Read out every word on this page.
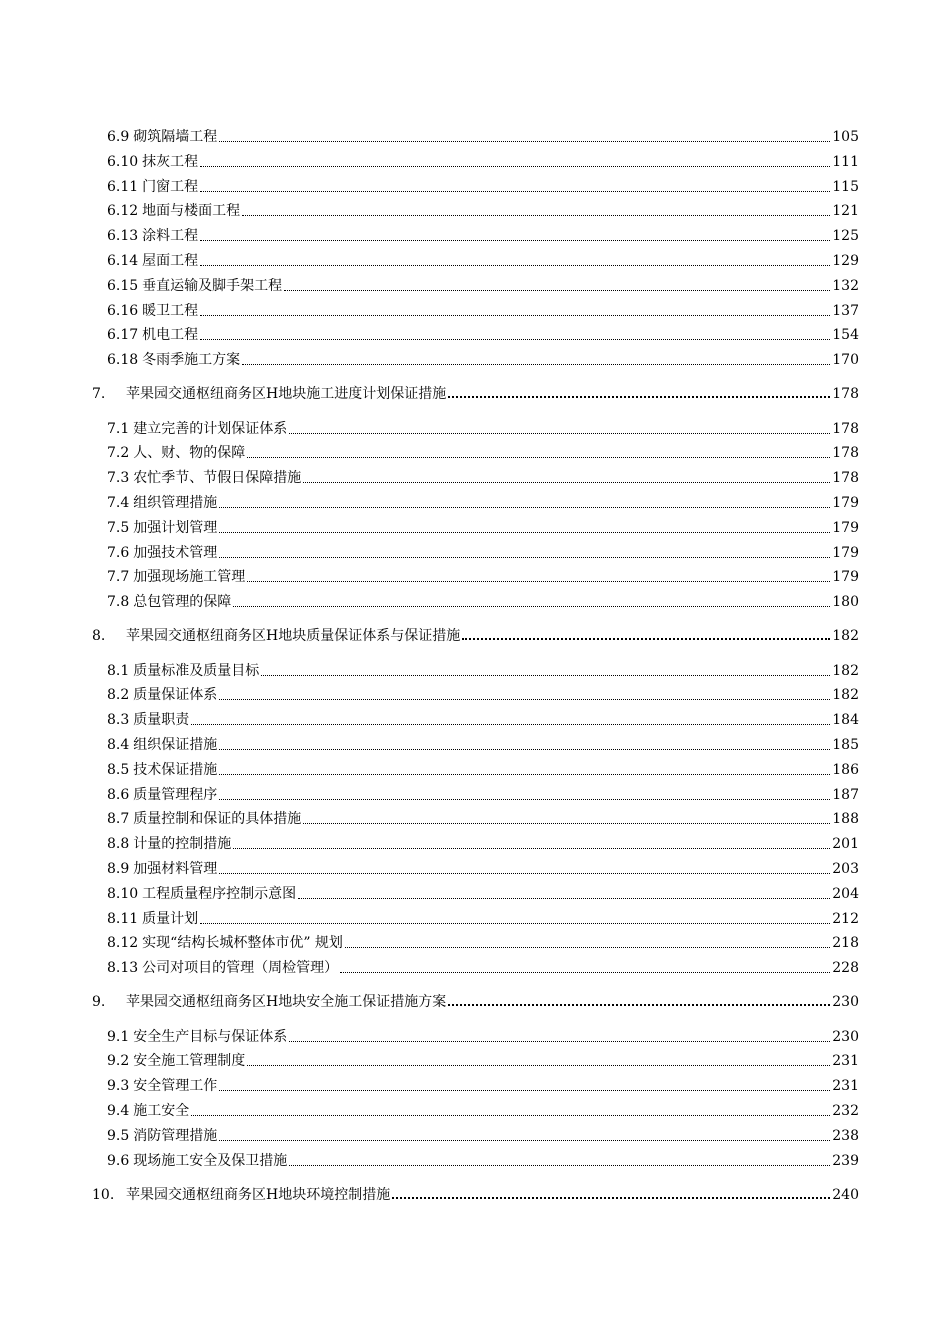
6.9 砌筑隔墙工程	105
6.10 抹灰工程	111
6.11 门窗工程	115
6.12 地面与楼面工程	121
6.13 涂料工程	125
6.14 屋面工程	129
6.15 垂直运输及脚手架工程	132
6.16 暖卫工程	137
6.17 机电工程	154
6.18 冬雨季施工方案	170
7.	苹果园交通枢纽商务区H地块施工进度计划保证措施	178
7.1 建立完善的计划保证体系	178
7.2 人、财、物的保障	178
7.3 农忙季节、节假日保障措施	178
7.4 组织管理措施	179
7.5 加强计划管理	179
7.6 加强技术管理	179
7.7 加强现场施工管理	179
7.8 总包管理的保障	180
8.	苹果园交通枢纽商务区H地块质量保证体系与保证措施	182
8.1 质量标准及质量目标	182
8.2 质量保证体系	182
8.3 质量职责	184
8.4 组织保证措施	185
8.5 技术保证措施	186
8.6 质量管理程序	187
8.7 质量控制和保证的具体措施	188
8.8 计量的控制措施	201
8.9 加强材料管理	203
8.10 工程质量程序控制示意图	204
8.11 质量计划	212
8.12 实现“结构长城杯整体市优” 规划	218
8.13 公司对项目的管理（周检管理）	228
9.	苹果园交通枢纽商务区H地块安全施工保证措施方案	230
9.1 安全生产目标与保证体系	230
9.2 安全施工管理制度	231
9.3 安全管理工作	231
9.4 施工安全	232
9.5 消防管理措施	238
9.6 现场施工安全及保卫措施	239
10. 苹果园交通枢纽商务区H地块环境控制措施	240
